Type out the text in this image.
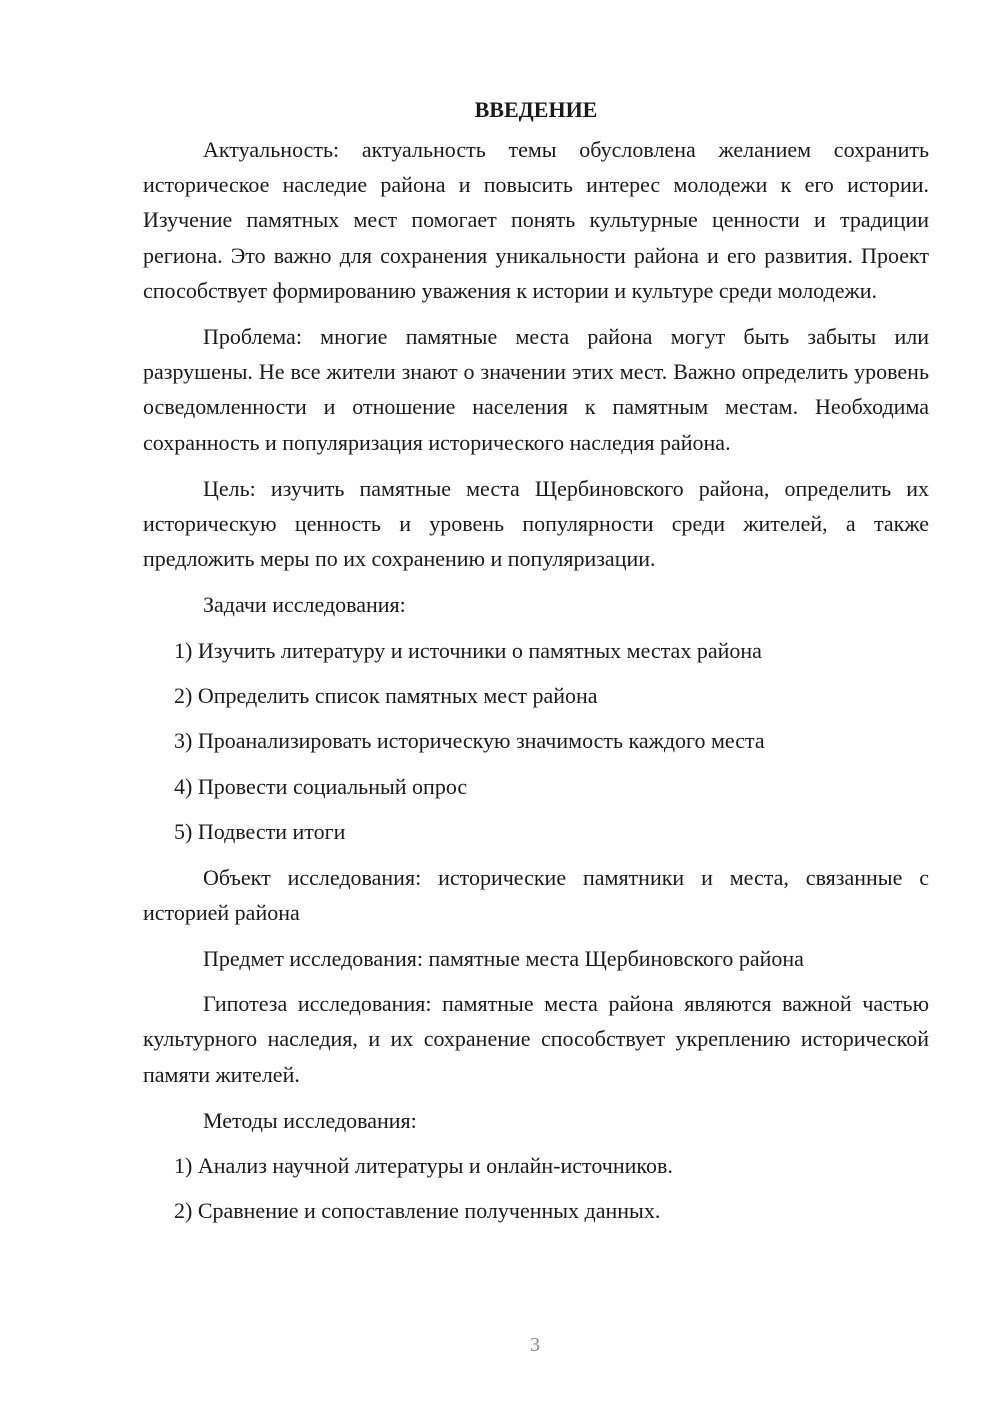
ВВЕДЕНИЕ

Актуальность: актуальность темы обусловлена желанием сохранить историческое наследие района и повысить интерес молодежи к его истории. Изучение памятных мест помогает понять культурные ценности и традиции региона. Это важно для сохранения уникальности района и его развития. Проект способствует формированию уважения к истории и культуре среди молодежи.

Проблема: многие памятные места района могут быть забыты или разрушены. Не все жители знают о значении этих мест. Важно определить уровень осведомленности и отношение населения к памятным местам. Необходима сохранность и популяризация исторического наследия района.

Цель: изучить памятные места Щербиновского района, определить их историческую ценность и уровень популярности среди жителей, а также предложить меры по их сохранению и популяризации.

Задачи исследования:

1) Изучить литературу и источники о памятных местах района
2) Определить список памятных мест района
3) Проанализировать историческую значимость каждого места
4) Провести социальный опрос
5) Подвести итоги

Объект исследования: исторические памятники и места, связанные с историей района

Предмет исследования: памятные места Щербиновского района

Гипотеза исследования: памятные места района являются важной частью культурного наследия, и их сохранение способствует укреплению исторической памяти жителей.

Методы исследования:

1) Анализ научной литературы и онлайн-источников.
2) Сравнение и сопоставление полученных данных.
3
